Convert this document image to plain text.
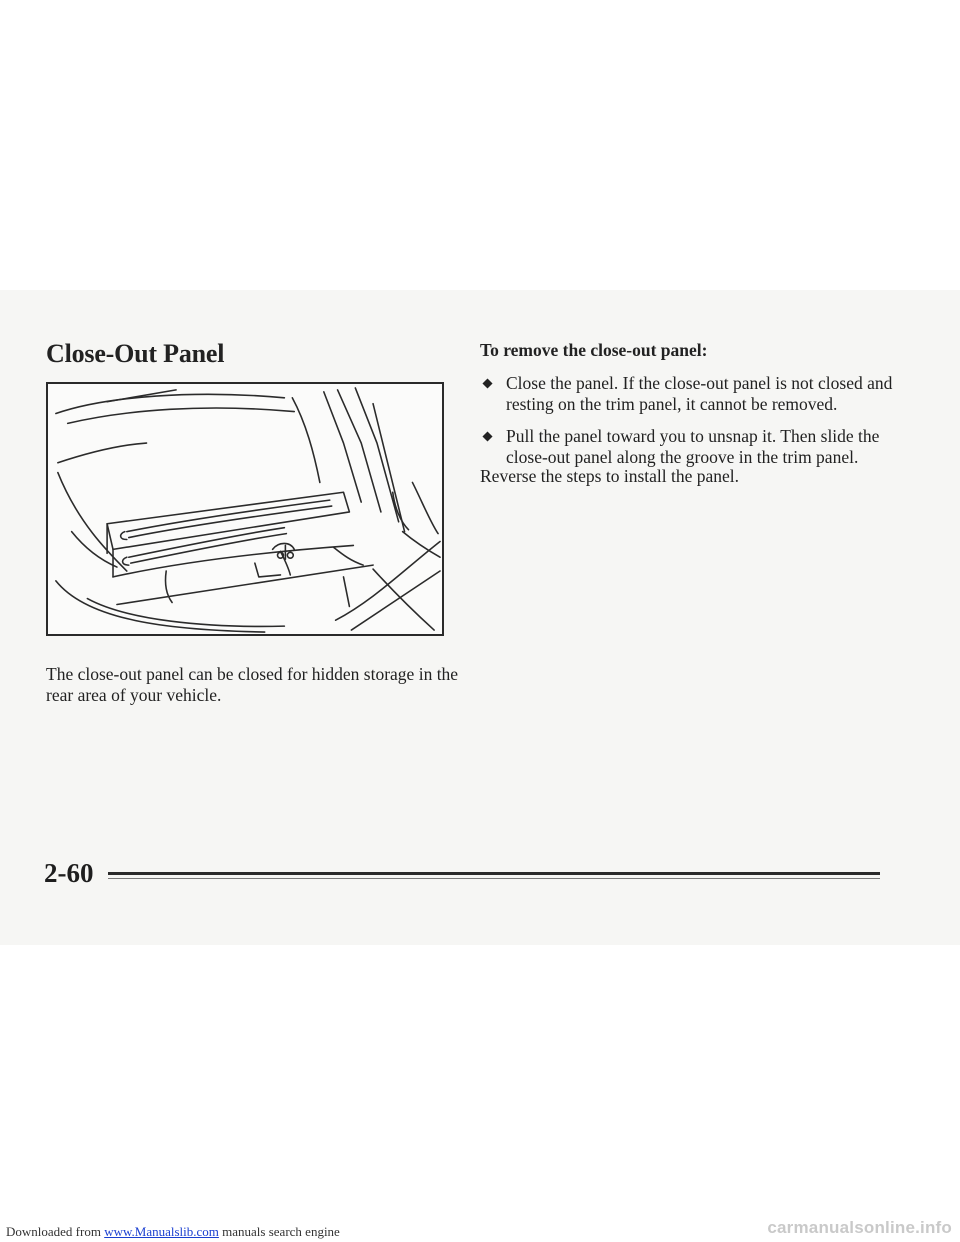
Close-Out Panel

The close-out panel can be closed for hidden storage in the rear area of your vehicle.

To remove the close-out panel:

Close the panel. If the close-out panel is not closed and resting on the trim panel, it cannot be removed.
Pull the panel toward you to unsnap it. Then slide the close-out panel along the groove in the trim panel.

Reverse the steps to install the panel.

2-60

Downloaded from www.Manualslib.com manuals search engine	carmanualsonline.info
